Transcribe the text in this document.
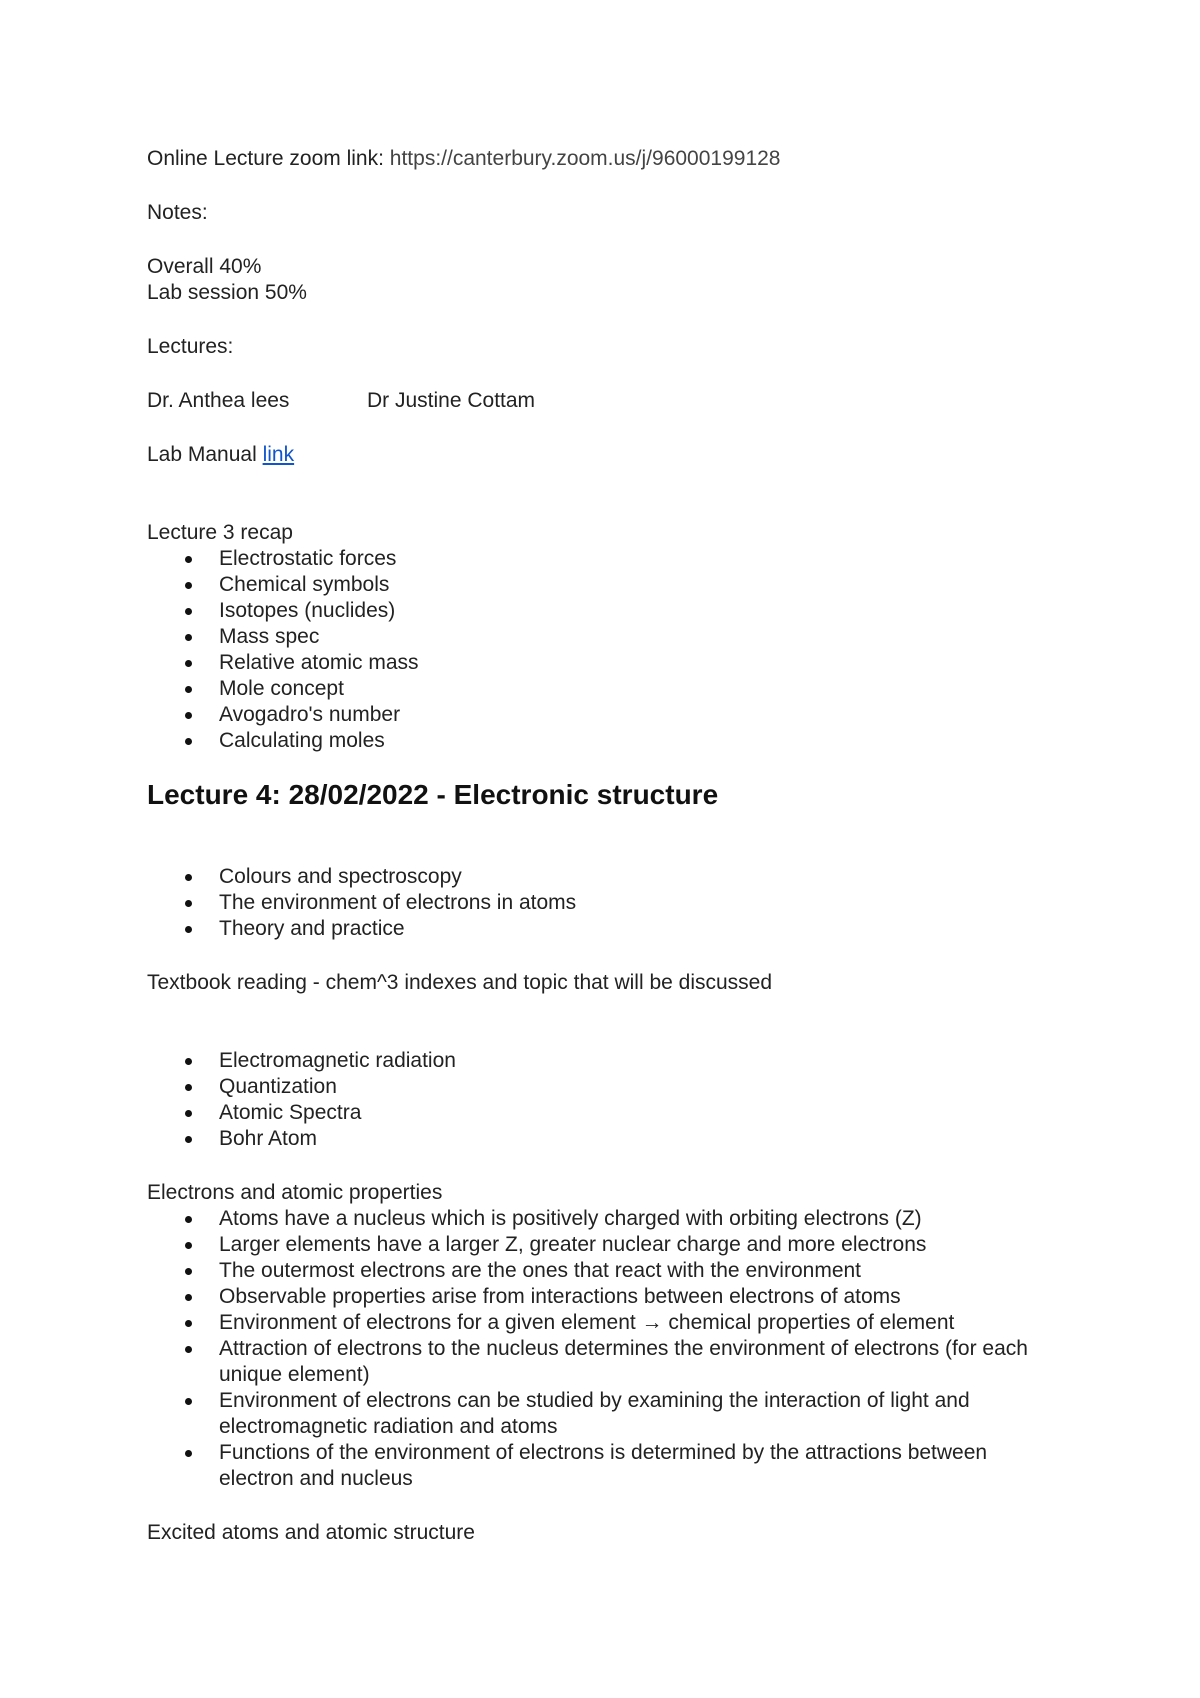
Online Lecture zoom link: https://canterbury.zoom.us/j/96000199128
Notes:
Overall 40%
Lab session 50%
Lectures:
Dr. Anthea lees	Dr Justine Cottam
Lab Manual link
Lecture 3 recap
Electrostatic forces
Chemical symbols
Isotopes (nuclides)
Mass spec
Relative atomic mass
Mole concept
Avogadro's number
Calculating moles
Lecture 4: 28/02/2022 - Electronic structure
Colours and spectroscopy
The environment of electrons in atoms
Theory and practice
Textbook reading - chem^3 indexes and topic that will be discussed
Electromagnetic radiation
Quantization
Atomic Spectra
Bohr Atom
Electrons and atomic properties
Atoms have a nucleus which is positively charged with orbiting electrons (Z)
Larger elements have a larger Z, greater nuclear charge and more electrons
The outermost electrons are the ones that react with the environment
Observable properties arise from interactions between electrons of atoms
Environment of electrons for a given element → chemical properties of element
Attraction of electrons to the nucleus determines the environment of electrons (for each unique element)
Environment of electrons can be studied by examining the interaction of light and electromagnetic radiation and atoms
Functions of the environment of electrons is determined by the attractions between electron and nucleus
Excited atoms and atomic structure
